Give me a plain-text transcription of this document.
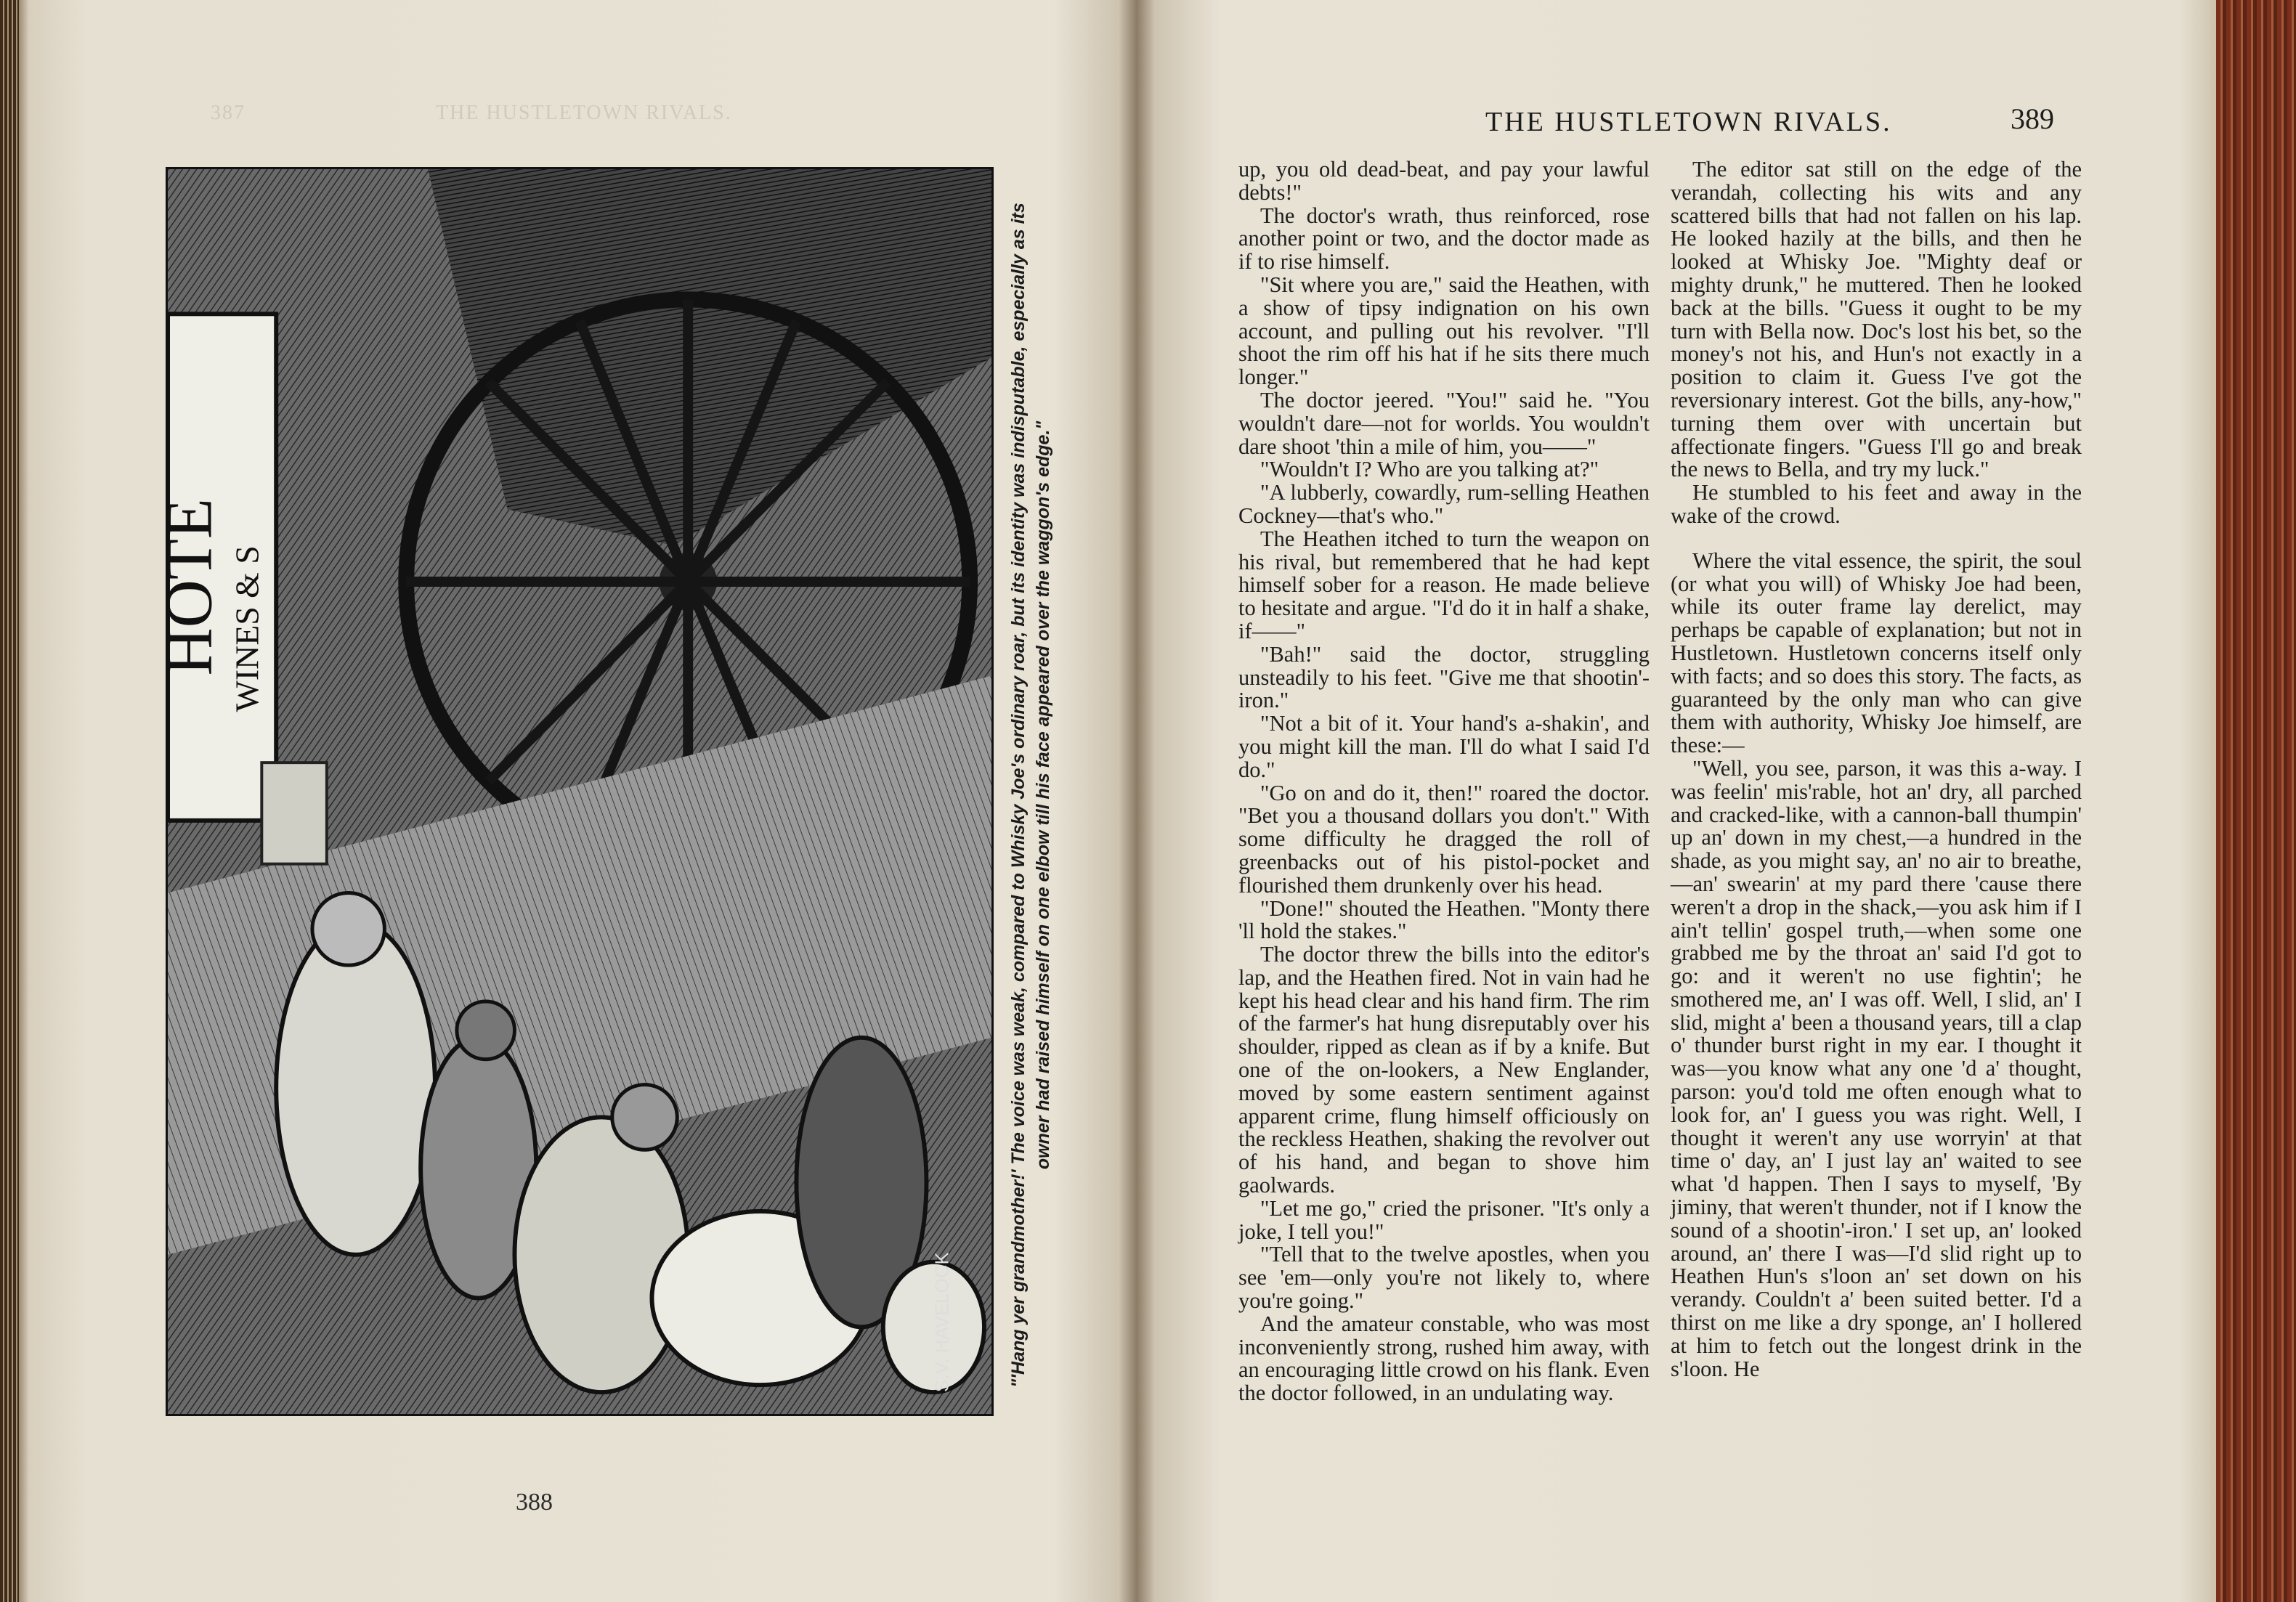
THE HUSTLETOWN RIVALS.
387
HOTE WINES & S
S.V. HAVELOCK	"'Hang yer grandmother!' The voice was weak, compared to Whisky Joe's ordinary roar, but its identity was indisputable, especially as its owner had raised himself on one elbow till his face appeared over the waggon's edge."
388
THE HUSTLETOWN RIVALS.	389

up, you old dead-beat, and pay your lawful debts!"

The doctor's wrath, thus reinforced, rose another point or two, and the doctor made as if to rise himself.

"Sit where you are," said the Heathen, with a show of tipsy indignation on his own account, and pulling out his revolver. "I'll shoot the rim off his hat if he sits there much longer."

The doctor jeered. "You!" said he. "You wouldn't dare—not for worlds. You wouldn't dare shoot 'thin a mile of him, you——"

"Wouldn't I? Who are you talking at?"

"A lubberly, cowardly, rum-selling Heathen Cockney—that's who."

The Heathen itched to turn the weapon on his rival, but remembered that he had kept himself sober for a reason. He made believe to hesitate and argue. "I'd do it in half a shake, if——"

"Bah!" said the doctor, struggling unsteadily to his feet. "Give me that shootin'-iron."

"Not a bit of it. Your hand's a-shakin', and you might kill the man. I'll do what I said I'd do."

"Go on and do it, then!" roared the doctor. "Bet you a thousand dollars you don't." With some difficulty he dragged the roll of greenbacks out of his pistol-pocket and flourished them drunkenly over his head.

"Done!" shouted the Heathen. "Monty there 'll hold the stakes."

The doctor threw the bills into the editor's lap, and the Heathen fired. Not in vain had he kept his head clear and his hand firm. The rim of the farmer's hat hung disreputably over his shoulder, ripped as clean as if by a knife. But one of the on-lookers, a New Englander, moved by some eastern sentiment against apparent crime, flung himself officiously on the reckless Heathen, shaking the revolver out of his hand, and began to shove him gaolwards.

"Let me go," cried the prisoner. "It's only a joke, I tell you!"

"Tell that to the twelve apostles, when you see 'em—only you're not likely to, where you're going."

And the amateur constable, who was most inconveniently strong, rushed him away, with an encouraging little crowd on his flank. Even the doctor followed, in an undulating way.

The editor sat still on the edge of the verandah, collecting his wits and any scattered bills that had not fallen on his lap. He looked hazily at the bills, and then he looked at Whisky Joe. "Mighty deaf or mighty drunk," he muttered. Then he looked back at the bills. "Guess it ought to be my turn with Bella now. Doc's lost his bet, so the money's not his, and Hun's not exactly in a position to claim it. Guess I've got the reversionary interest. Got the bills, any-how," turning them over with uncertain but affectionate fingers. "Guess I'll go and break the news to Bella, and try my luck."

He stumbled to his feet and away in the wake of the crowd.

Where the vital essence, the spirit, the soul (or what you will) of Whisky Joe had been, while its outer frame lay derelict, may perhaps be capable of explanation; but not in Hustletown. Hustletown concerns itself only with facts; and so does this story. The facts, as guaranteed by the only man who can give them with authority, Whisky Joe himself, are these:—

"Well, you see, parson, it was this a-way. I was feelin' mis'rable, hot an' dry, all parched and cracked-like, with a cannon-ball thumpin' up an' down in my chest,—a hundred in the shade, as you might say, an' no air to breathe,—an' swearin' at my pard there 'cause there weren't a drop in the shack,—you ask him if I ain't tellin' gospel truth,—when some one grabbed me by the throat an' said I'd got to go: and it weren't no use fightin'; he smothered me, an' I was off. Well, I slid, an' I slid, might a' been a thousand years, till a clap o' thunder burst right in my ear. I thought it was—you know what any one 'd a' thought, parson: you'd told me often enough what to look for, an' I guess you was right. Well, I thought it weren't any use worryin' at that time o' day, an' I just lay an' waited to see what 'd happen. Then I says to myself, 'By jiminy, that weren't thunder, not if I know the sound of a shootin'-iron.' I set up, an' looked around, an' there I was—I'd slid right up to Heathen Hun's s'loon an' set down on his verandy. Couldn't a' been suited better. I'd a thirst on me like a dry sponge, an' I hollered at him to fetch out the longest drink in the s'loon. He
